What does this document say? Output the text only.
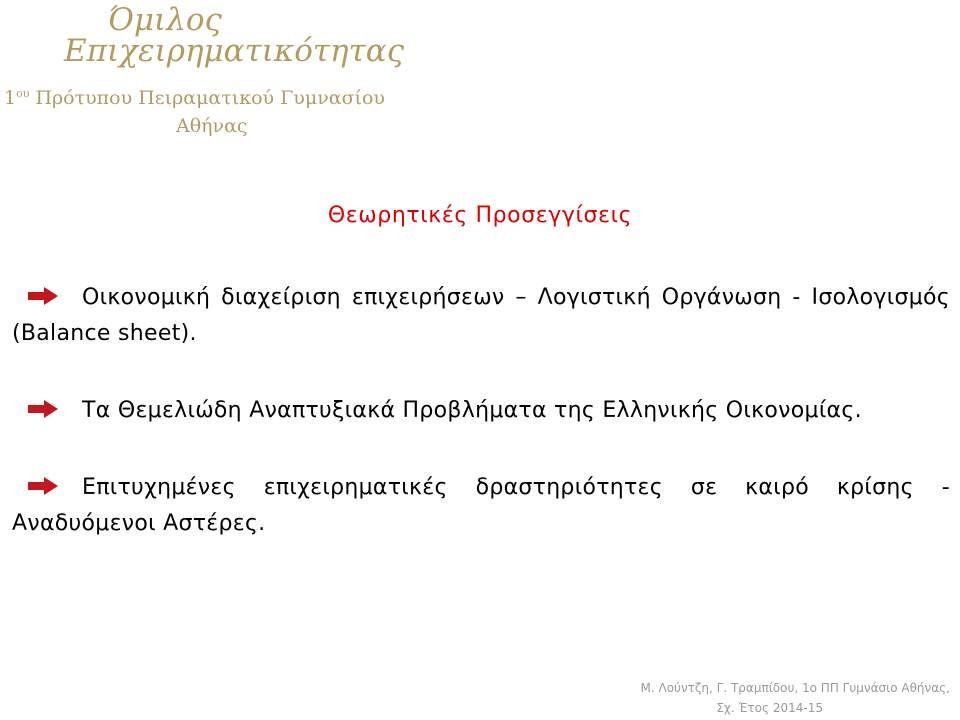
Όμιλος
Επιχειρηματικότητας
$1^{o\upsilon}$ Πρότυπου Πειραματικού Γυμνασίου
Αθήνας
Θεωρητικές Προσεγγίσεις
Οικονομική διαχείριση επιχειρήσεων – Λογιστική Οργάνωση - Ισολογισμός (Balance sheet).
Τα Θεμελιώδη Αναπτυξιακά Προβλήματα της Ελληνικής Οικονομίας.
Επιτυχημένες επιχειρηματικές δραστηριότητες σε καιρό κρίσης - Αναδυόμενοι Αστέρες.
Μ. Λούντζη, Γ. Τραμπίδου, 1ο ΠΠ Γυμνάσιο Αθήνας,
Σχ. Έτος 2014-15
